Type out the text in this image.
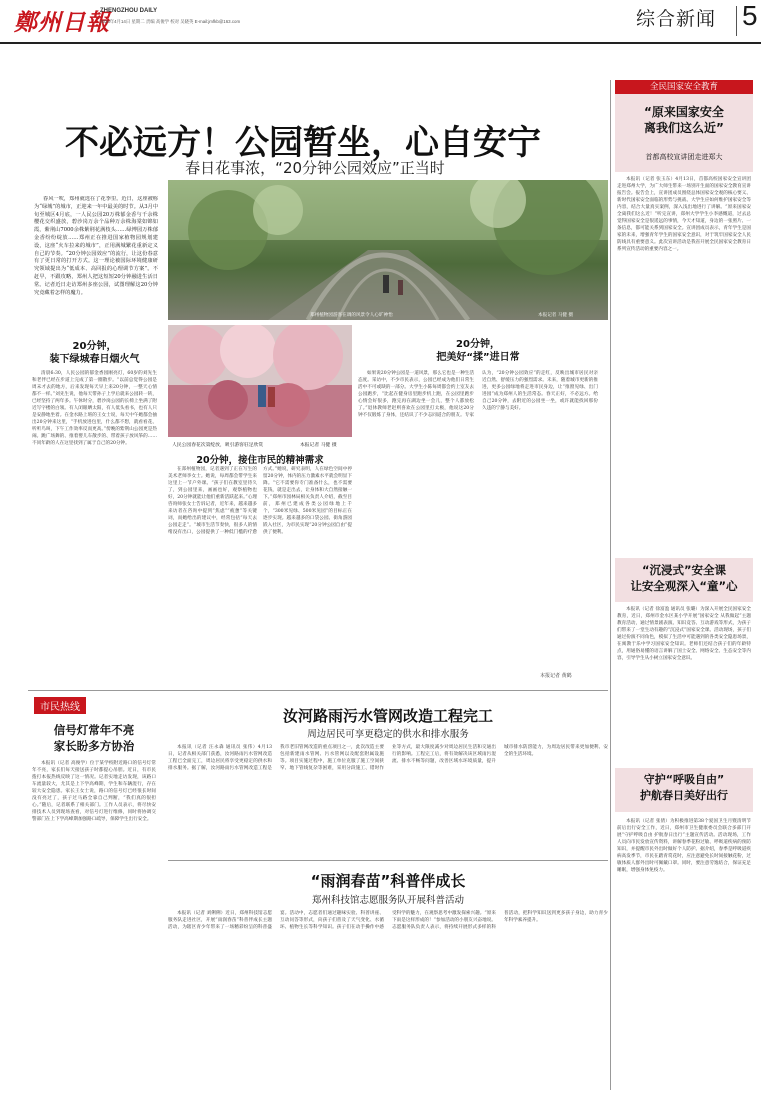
鄭州日報
ZHENGZHOU DAILY
2026年4月14日 星期二 责编 高俊学 校对 吴晓英 E-mail:jmfkb@163.com	综合新闻 5
不必远方！公园暂坐，心自安宁
春日花事浓，“20分钟公园效应”正当时

春风一吹，郑州就选在了花季里。近日，这座被称为“绿城”的城市，正迎来一年中最美的时节。从3月中旬至城区4月底，一人民公园20万株郁金香与千余株樱花交织盛放，碧沙岗万余个品种万余株海棠如锦如霞，紫荆山7000余株紫荆花满枝头……绿博园万株郁金香纷纷绽放……郑州正在推进国家植物园规划建设，这座“火车拉来的城市”，正用满城繁花重新定义自己的节奏。“20分钟公园效应”的流行，让这份春意有了更日常的打开方式。这一理论被国际环境健康研究领域提出为“低成本、高回报的心理调节方案”。不赶早，不跟攻略，郑州人把这短短20分钟融进生活日常。记者近日走访郑州多座公园，试图理解这20分钟究竟藏着怎样的魔力。

郑州植物园游客在调的风景令人心旷神怡	本报记者 马健 摄
20分钟，
装下绿城春日烟火气

清晨6:30，人民公园的郁金香园刚亮灯，60岁的刘先生和老伴已经在步道上完成了第一圈散步。“以前总觉得公园是周末才去的地方，后来发现每天早上来20分钟，一整天心情都不一样。”刘先生说，他每天带孙子上学后就来公园转一转，已经坚持了两年多。午休时分，碧沙岗公园的长椅上坐满了附近写字楼的白领。有人闭眼晒太阳，有人低头看书，也有人只是安静地坐着。在金水路上班的王女士说，每天中午她都会抽出20分钟来这里，“手机放进包里，什么都不想，就看看花、听听鸟叫，下午工作效率反而更高。”傍晚的紫荆山公园更是热闹。跳广场舞的、推着婴儿车散步的、带着孩子放风筝的……不同年龄的人在这里找到了属于自己的20分钟。	人民公园春花次第绽放，吸引游客驻足欣赏	本报记者 马健 摄
20分钟，接住市民的精神需求

在郑州植物园，记者遇到了正在写生的美术老师李女士。她说，每周都会带学生来这里上一节户外课。“孩子们在教室里待久了，到公园里来，画画也好，观察植物也好，20分钟就能让他们重新活跃起来。”心理咨询师张女士告诉记者，近年来，越来越多来访者在咨询中提到“焦虑”“疲惫”等关键词，而她给出的建议中，经常包括“每天去公园走走”。“城市生活节奏快，很多人的情绪没有出口，公园提供了一种低门槛的疗愈方式。”她说，研究表明，人在绿色空间中停留20分钟，体内的压力激素水平就会明显下降。“它不需要你专门准备什么，也不需要花钱，就是走出去，让身体和大自然接触一下。”郑州市园林局相关负责人介绍，截至目前，郑州已建成各类公园绿地上千个，“300米见绿、500米见园”的目标正在逐步实现。越来越多的口袋公园、街角游园嵌入社区，为市民实现“20分钟公园自由”提供了便利。

20分钟，
把美好“揉”进日常

如果说20分钟公园是一道风景，那么它也是一种生活态度。采访中，不少市民表示，公园已经成为他们日常生活中不可或缺的一部分。大学生小陈每周都会约上室友去公园跑步，“比起在健身房里跑步机上跑，在公园里跑步心情会好很多，跑完再在湖边坐一会儿，整个人都放松了。”退休教师老赵则喜欢在公园里打太极，他说这20分钟不仅锻炼了身体，还结识了不少志同道合的朋友。专家认为，“20分钟公园效应”的走红，反映出城市居民对亲近自然、舒缓压力的强烈需求。未来，随着城市更新的推进，更多公园绿地将走进市民身边，让“推窗见绿、出门进园”成为郑州人的生活常态。春天正好，不必远方。给自己20分钟，去附近的公园坐一坐，或许就能找回那份久违的宁静与美好。

本报记者 黄鹤
全民国家安全教育
“原来国家安全
离我们这么近”
首都高校宣讲团走进郑大

本报讯（记者 张玉东）4月13日，首都高校国家安全宣讲团走进郑州大学，为广大师生带来一场别开生面的国家安全教育宣讲报告会。报告会上，宣讲团成员围绕总体国家安全观的核心要义、新时代国家安全面临的形势与挑战、大学生应如何维护国家安全等内容，结合大量真实案例，深入浅出地进行了讲解。“原来国家安全离我们这么近！”听完宣讲，郑州大学学生小李感慨道，过去总觉得国家安全是很遥远的事情，今天才知道，身边的一张照片、一条信息，都可能关系到国家安全。宣讲团成员表示，青年学生是国家的未来，增强青年学生的国家安全意识，对于筑牢国家安全人民防线具有重要意义。此次宣讲活动是我省开展全民国家安全教育日系列宣传活动的重要内容之一。

“沉浸式”安全课
让安全观深入“童”心

本报讯（记者 徐富盈 通讯员 张璐）为深入开展全民国家安全教育，近日，郑州市金水区某小学开展“国家安全 从我做起”主题教育活动，通过情景剧表演、知识竞答、互动游戏等形式，为孩子们带来了一堂生动有趣的“沉浸式”国家安全课。活动现场，孩子们通过扮演不同角色，模拟了生活中可能遇到的各类安全隐患场景，在寓教于乐中学习国家安全知识。老师们还结合孩子们的年龄特点，用通俗易懂的语言讲解了国土安全、网络安全、生态安全等内容，引导学生从小树立国家安全意识。

守护“呼吸自由”
护航春日美好出行

本报讯（记者 张倩）为积极推进第38个爱国卫生月暨清明节前后出行安全工作，近日，郑州市卫生健康委员会联合多部门开展“守护呼吸自由 护航春日出行”主题宣传活动。活动现场，工作人员向市民发放宣传资料，讲解春季花粉过敏、呼吸道疾病的预防知识，并提醒市民外出时做好个人防护。据介绍，春季是呼吸道疾病高发季节，市民在踏青赏花时，应注意避免长时间接触花粉，过敏体质人群外出时可佩戴口罩。同时，要注意劳逸结合，保证充足睡眠，增强身体免疫力。

市民热线
信号灯常年不亮
家长盼多方协治

本报讯（记者 高俊学）位于某学校附近路口的信号灯常年不亮，家长们每天接送孩子时都提心吊胆。近日，有市民拨打本报热线反映了这一情况。记者实地走访发现，该路口车流量较大，尤其是上下学高峰期，学生和车辆混行，存在较大安全隐患。家长王女士说，路口的信号灯已经很长时间没有亮过了，孩子过马路全靠自己判断，“我们真的很担心。”随后，记者联系了相关部门。工作人员表示，将尽快安排技术人员到现场查看，对信号灯进行维修，同时将协调交警部门在上下学高峰期加强路口疏导，保障学生出行安全。

汝河路雨污水管网改造工程完工
周边居民可享更稳定的供水和排水服务

本报讯（记者 汪永森 通讯员 张伟）4月13日，记者从相关部门获悉，汝河路雨污水管网改造工程已全面完工，周边居民将享受更稳定的供水和排水服务。据了解，汝河路雨污水管网改造工程是我市老旧管网改造的重点项目之一，此次改造主要包括新建雨水管网、污水管网以及配套附属设施等。项目实施过程中，施工单位克服了施工空间狭窄、地下管线复杂等困难，采用分段施工、错时作业等方式，最大限度减少对周边居民生活和交通出行的影响。工程完工后，将有效解决该区域雨污混流、排水不畅等问题，改善区域水环境质量，提升城市排水防涝能力，为周边居民带来更加便利、安全的生活环境。

“雨润春苗”科普伴成长
郑州科技馆志愿服务队开展科普活动

本报讯（记者 刘俐俐）近日，郑州科技馆志愿服务队走进社区，开展“雨润春苗”科普伴成长主题活动，为辖区青少年带来了一场精彩纷呈的科普盛宴。活动中，志愿者们通过趣味实验、科普讲座、互动问答等形式，向孩子们普及了天气变化、水循环、植物生长等科学知识。孩子们在动手操作中感受科学的魅力，在观察思考中激发探索兴趣。“原来下雨是这样形成的！”参加活动的小朋友兴奋地说。志愿服务队负责人表示，将持续开展形式多样的科普活动，把科学知识送到更多孩子身边，助力青少年科学素养提升。
